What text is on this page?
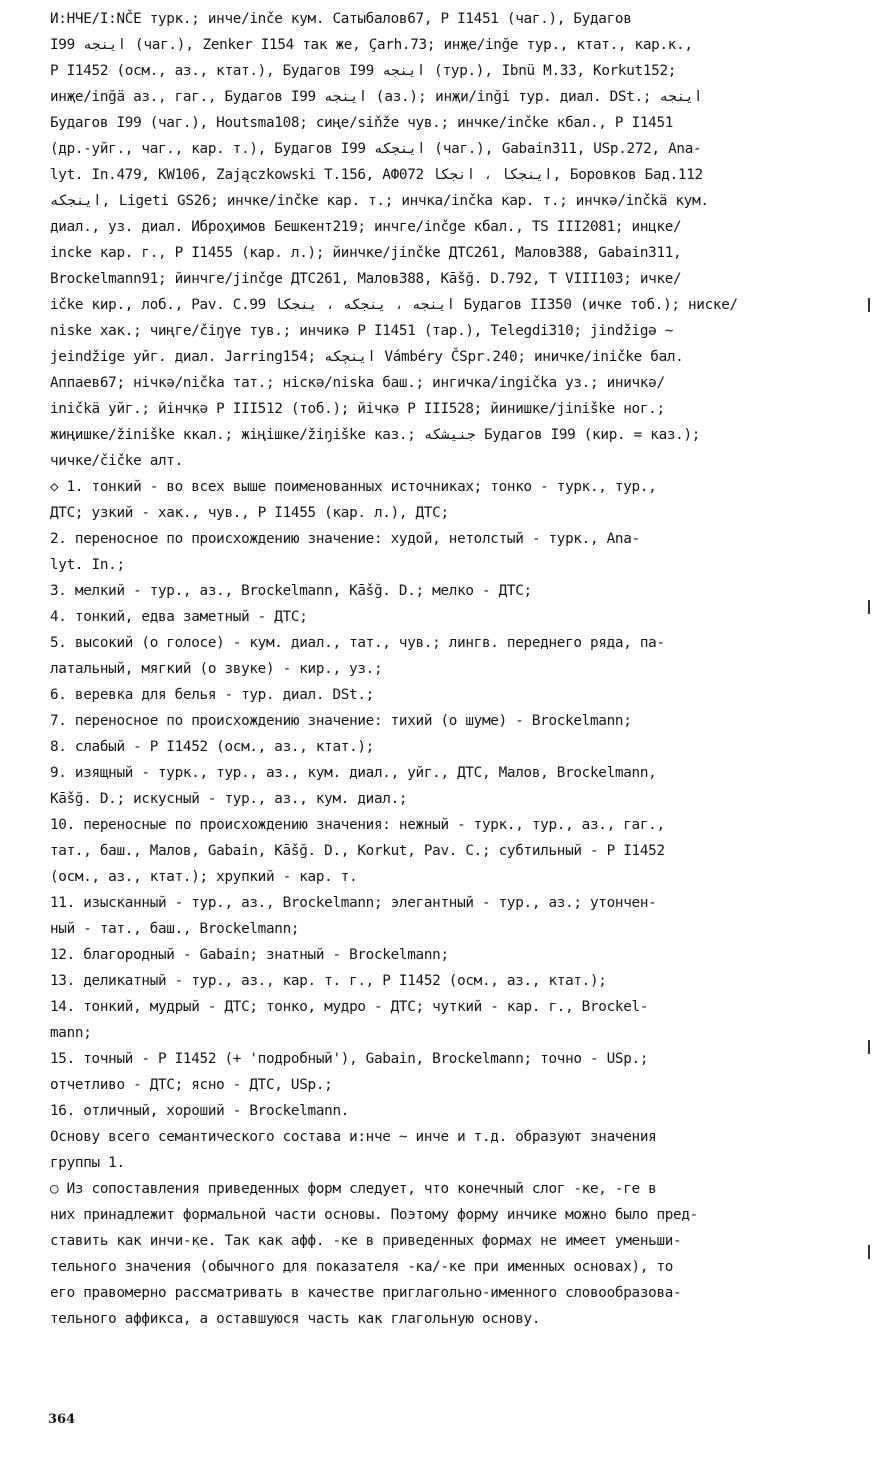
И:НЧЕ/I:NČE турк.; инче/inče кум. Сатыбалов67, Р I1451 (чаг.), Будагов
I99 اینجه (чаг.), Zenker I154 так же, Çarh.73; инҗе/inğe тур., ктат., кар.к.,
Р I1452 (осм., аз., ктат.), Будагов I99 اینجه (тур.), Ibnü M.33, Korkut152;
инҗе/inğä аз., гаг., Будагов I99 اینجه (аз.); инҗи/inği тур. диал. DSt.; اینجه
Будагов I99 (чаг.), Houtsma108; сиңе/siňže чув.; инчке/inčke кбал., Р I1451
(др.-уйг., чаг., кар. т.), Будагов I99 اینجکه (чаг.), Gabain311, USp.272, Ana-
lyt. In.479, KW106, Zajączkowski T.156, АФ072 اینجکا ، انجکا, Боровков Бад.112
اینجکه, Ligeti GS26; инчке/inčke кар. т.; инчка/inčka кар. т.; инчкә/inčkä кум.
диал., уз. диал. Иброҳимов Бешкент219; инчге/inčge кбал., TS III2081; инцке/
incke кар. г., Р I1455 (кар. л.); йинчке/jinčke ДТС261, Малов388, Gabain311,
Brockelmann91; йинчге/jinčge ДТС261, Малов388, Kāšğ. D.792, Т VIII103; ичке/
ičke кир., лоб., Pav. C.99 اینجه ، ینجکه ، ینجکا Будагов II350 (ичке тоб.); ниске/
niske хак.; чиңге/čiŋγe тув.; инчикә Р I1451 (тар.), Telegdi310; jindžigə ~
jeindžige уйг. диал. Jarring154; اینچکه Vámbéry ČSpr.240; иничке/iničke бал.
Аппаев67; нічкә/nička тат.; ніскә/niska баш.; ингичка/ingička уз.; иничкә/
iničkä уйг.; йінчкә Р III512 (тоб.); йічкә Р III528; йинишке/jiniške ног.;
жиңишке/žiniške ккал.; жіңішке/žiŋiške каз.; جنیشکه Будагов I99 (кир. = каз.);
чичке/čičke алт.
◇ 1. тонкий - во всех выше поименованных источниках; тонко - турк., тур.,
ДТС; узкий - хак., чув., Р I1455 (кар. л.), ДТС;
2. переносное по происхождению значение: худой, нетолстый - турк., Ana-
lyt. In.;
3. мелкий - тур., аз., Brockelmann, Kāšğ. D.; мелко - ДТС;
4. тонкий, едва заметный - ДТС;
5. высокий (о голосе) - кум. диал., тат., чув.; лингв. переднего ряда, па-
латальный, мягкий (о звуке) - кир., уз.;
6. веревка для белья - тур. диал. DSt.;
7. переносное по происхождению значение: тихий (о шуме) - Brockelmann;
8. слабый - Р I1452 (осм., аз., ктат.);
9. изящный - турк., тур., аз., кум. диал., уйг., ДТС, Малов, Brockelmann,
Kāšğ. D.; искусный - тур., аз., кум. диал.;
10. переносные по происхождению значения: нежный - турк., тур., аз., гаг.,
тат., баш., Малов, Gabain, Kāšğ. D., Korkut, Pav. C.; субтильный - Р I1452
(осм., аз., ктат.); хрупкий - кар. т.
11. изысканный - тур., аз., Brockelmann; элегантный - тур., аз.; утончен-
ный - тат., баш., Brockelmann;
12. благородный - Gabain; знатный - Brockelmann;
13. деликатный - тур., аз., кар. т. г., Р I1452 (осм., аз., ктат.);
14. тонкий, мудрый - ДТС; тонко, мудро - ДТС; чуткий - кар. г., Brockel-
mann;
15. точный - Р I1452 (+ 'подробный'), Gabain, Brockelmann; точно - USp.;
отчетливо - ДТС; ясно - ДТС, USp.;
16. отличный, хороший - Brockelmann.
Основу всего семантического состава и:нче ~ инче и т.д. образуют значения
группы 1.
○ Из сопоставления приведенных форм следует, что конечный слог -ке, -ге в
них принадлежит формальной части основы. Поэтому форму инчике можно было пред-
ставить как инчи-ке. Так как афф. -ке в приведенных формах не имеет уменьши-
тельного значения (обычного для показателя -ка/-ке при именных основах), то
его правомерно рассматривать в качестве приглагольно-именного словообразова-
тельного аффикса, а оставшуюся часть как глагольную основу.
364
